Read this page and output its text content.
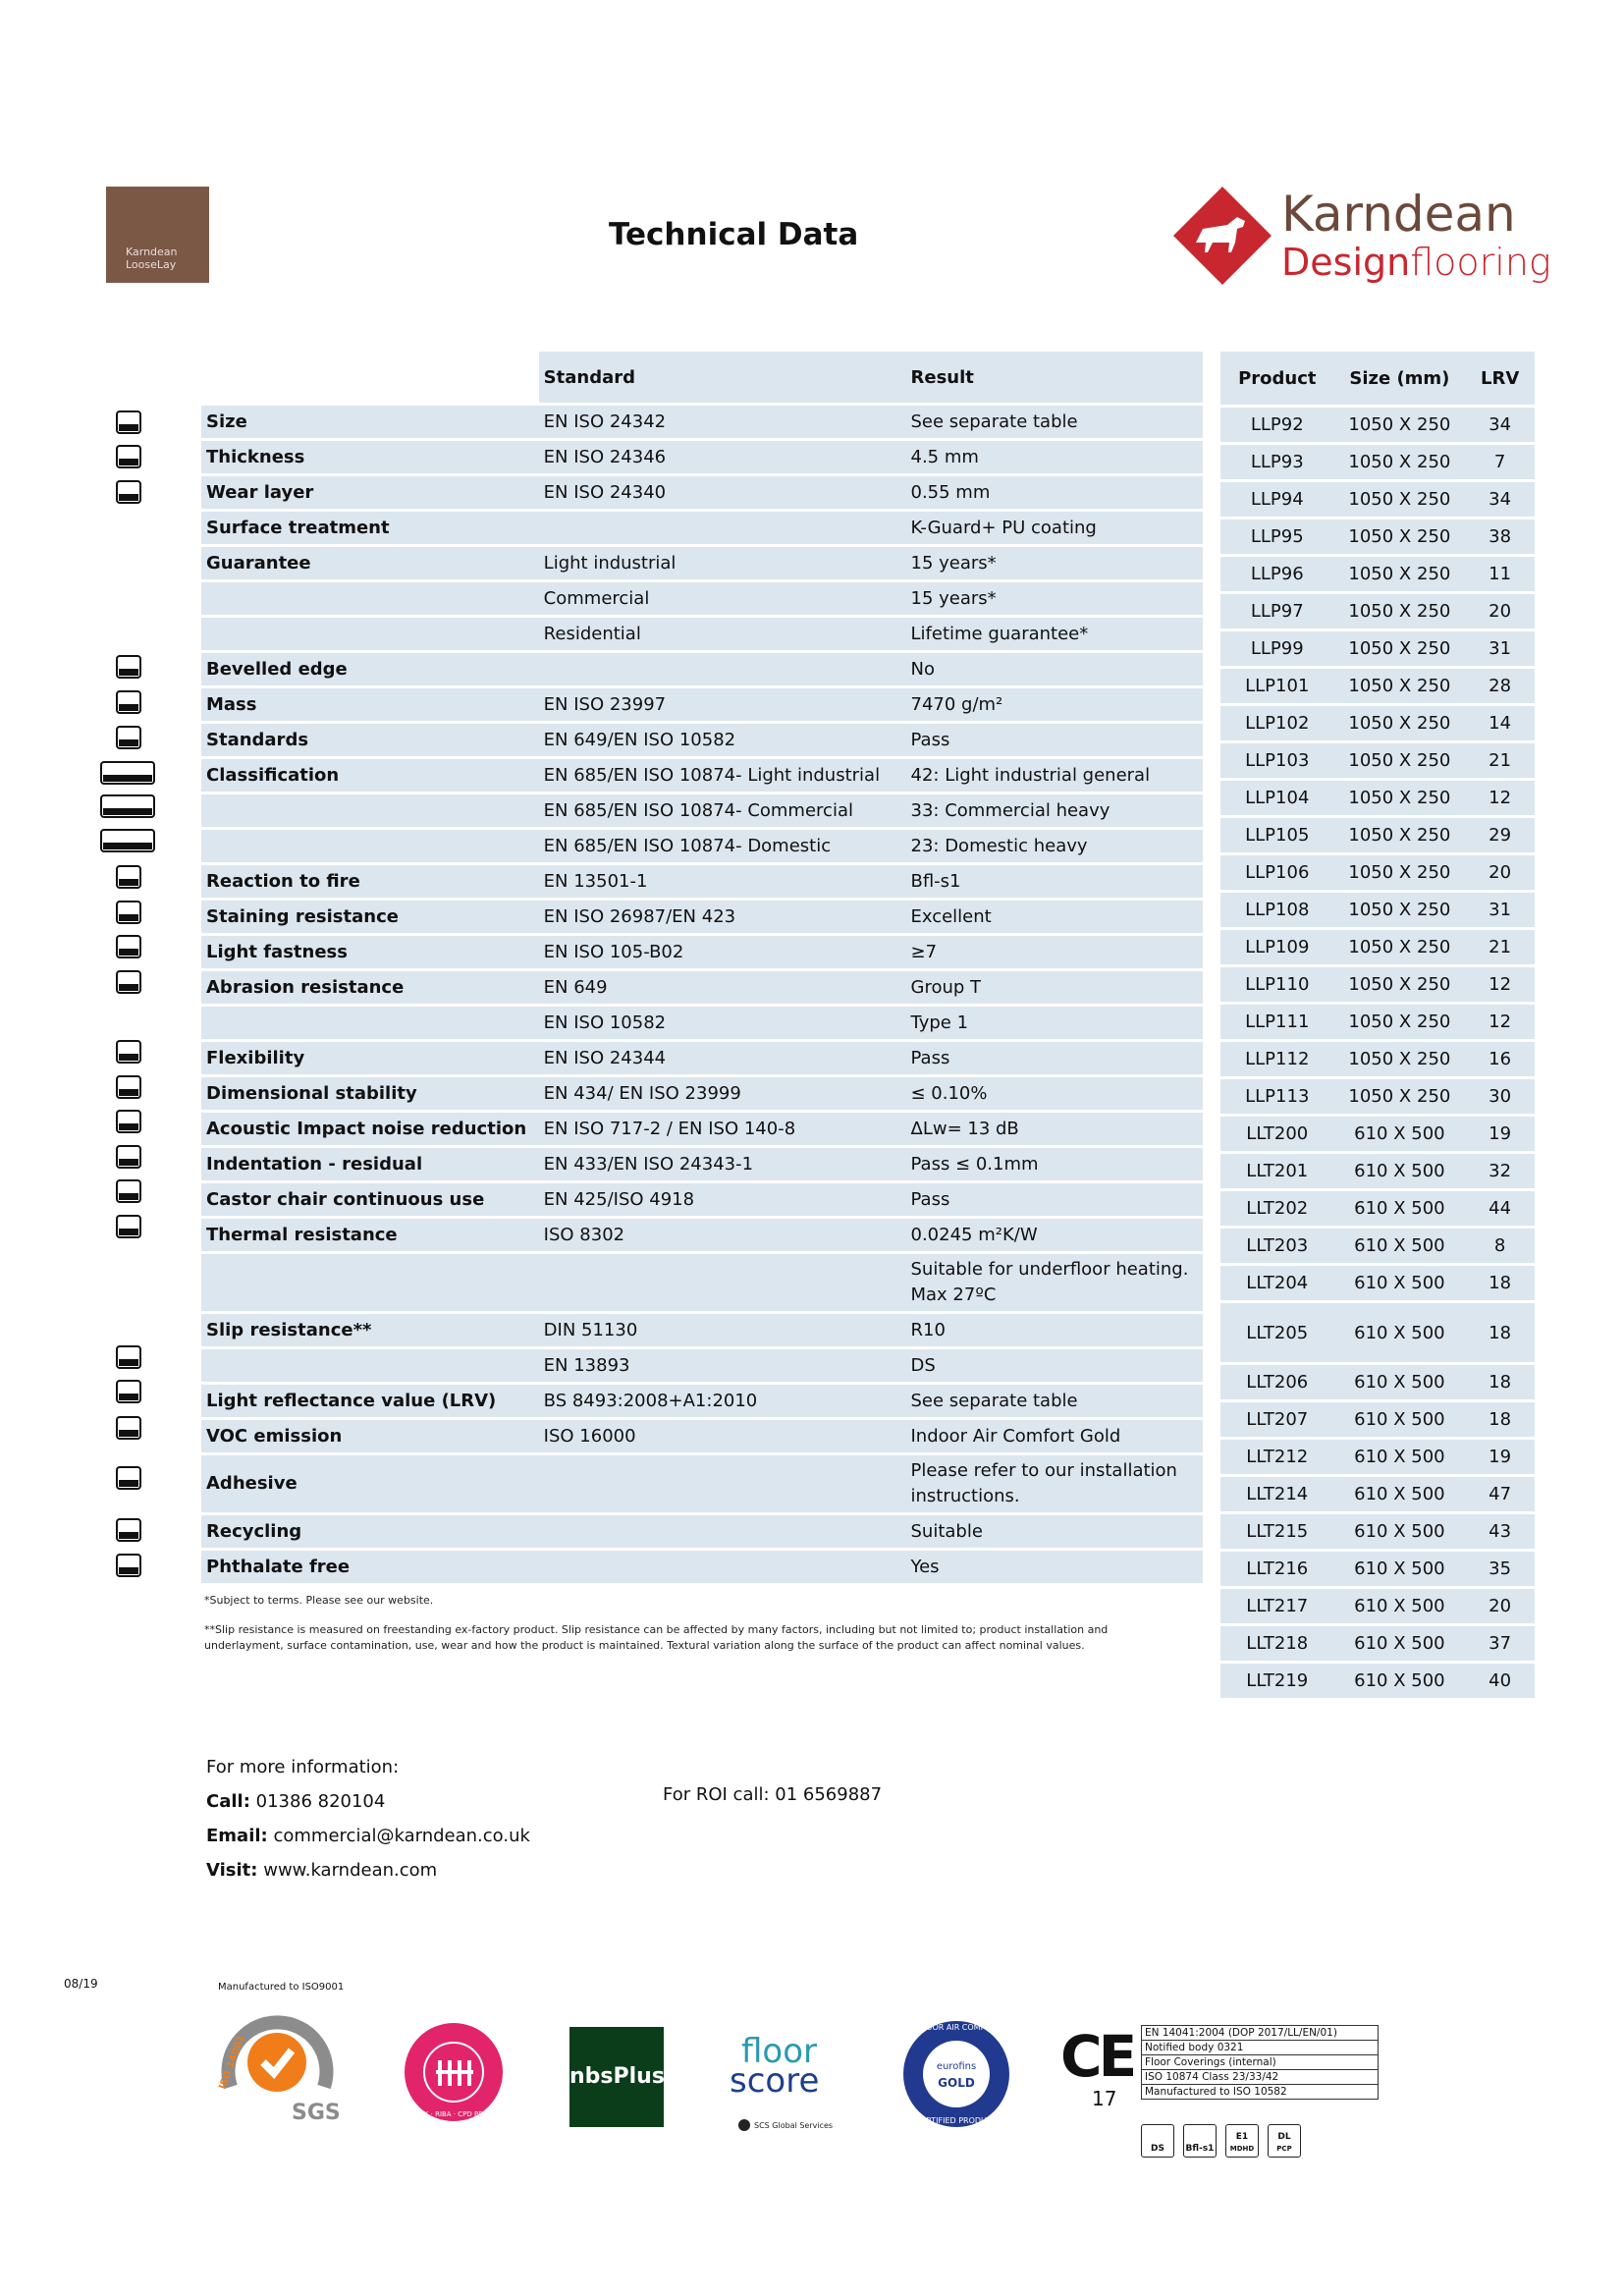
Karndean
LooseLay
Technical Data	Karndean
Designflooring
	Standard	Result
Size	EN ISO 24342	See separate table
Thickness	EN ISO 24346	4.5 mm
Wear layer	EN ISO 24340	0.55 mm
Surface treatment		K-Guard+ PU coating
Guarantee	Light industrial	15 years*
	Commercial	15 years*
	Residential	Lifetime guarantee*
Bevelled edge		No
Mass	EN ISO 23997	7470 g/m²
Standards	EN 649/EN ISO 10582	Pass
Classification	EN 685/EN ISO 10874- Light industrial	42: Light industrial general
	EN 685/EN ISO 10874- Commercial	33: Commercial heavy
	EN 685/EN ISO 10874- Domestic	23: Domestic heavy
Reaction to fire	EN 13501-1	Bfl-s1
Staining resistance	EN ISO 26987/EN 423	Excellent
Light fastness	EN ISO 105-B02	≥7
Abrasion resistance	EN 649	Group T
	EN ISO 10582	Type 1
Flexibility	EN ISO 24344	Pass
Dimensional stability	EN 434/ EN ISO 23999	≤ 0.10%
Acoustic Impact noise reduction	EN ISO 717-2 / EN ISO 140-8	ΔLw= 13 dB
Indentation - residual	EN 433/EN ISO 24343-1	Pass ≤ 0.1mm
Castor chair continuous use	EN 425/ISO 4918	Pass
Thermal resistance	ISO 8302	0.0245 m²K/W

		Suitable for underfloor heating.
Max 27ºC

Slip resistance**	DIN 51130	R10
	EN 13893	DS
Light reflectance value (LRV)	BS 8493:2008+A1:2010	See separate table
VOC emission	ISO 16000	Indoor Air Comfort Gold
Adhesive		Please refer to our installation
instructions.

Recycling		Suitable
Phthalate free		Yes
Product	Size (mm)	LRV
LLP92	1050 X 250	34
LLP93	1050 X 250	7
LLP94	1050 X 250	34
LLP95	1050 X 250	38
LLP96	1050 X 250	11
LLP97	1050 X 250	20
LLP99	1050 X 250	31
LLP101	1050 X 250	28
LLP102	1050 X 250	14
LLP103	1050 X 250	21
LLP104	1050 X 250	12
LLP105	1050 X 250	29
LLP106	1050 X 250	20
LLP108	1050 X 250	31
LLP109	1050 X 250	21
LLP110	1050 X 250	12
LLP111	1050 X 250	12
LLP112	1050 X 250	16
LLP113	1050 X 250	30
LLT200	610 X 500	19
LLT201	610 X 500	32
LLT202	610 X 500	44
LLT203	610 X 500	8
LLT204	610 X 500	18
LLT205	610 X 500	18
LLT206	610 X 500	18
LLT207	610 X 500	18
LLT212	610 X 500	19
LLT214	610 X 500	47
LLT215	610 X 500	43
LLT216	610 X 500	35
LLT217	610 X 500	20
LLT218	610 X 500	37
LLT219	610 X 500	40
*Subject to terms. Please see our website.
**Slip resistance is measured on freestanding ex-factory product. Slip resistance can be affected by many factors, including but not limited to; product installation and underlayment, surface contamination, use, wear and how the product is maintained. Textural variation along the surface of the product can affect nominal values.
For more information:
Call: 01386 820104
Email: commercial@karndean.co.uk
Visit: www.karndean.com
For ROI call: 01 6569887
08/19	Manufactured to ISO9001
SYSTEM CERTIFICATION
ISO 14001
SGS	NETWORK · RIBA · CPD PROVIDERS
nbsPlus
floor
score
SCS Global Services
INDOOR AIR COMFORT
eurofins
GOLD
CERTIFIED PRODUCT
CE
17
EN 14041:2004 (DOP 2017/LL/EN/01)
Notified body 0321
Floor Coverings (internal)
ISO 10874 Class 23/33/42
Manufactured to ISO 10582
DS	Bfl-s1
E1
MDHD
DL
PCP
